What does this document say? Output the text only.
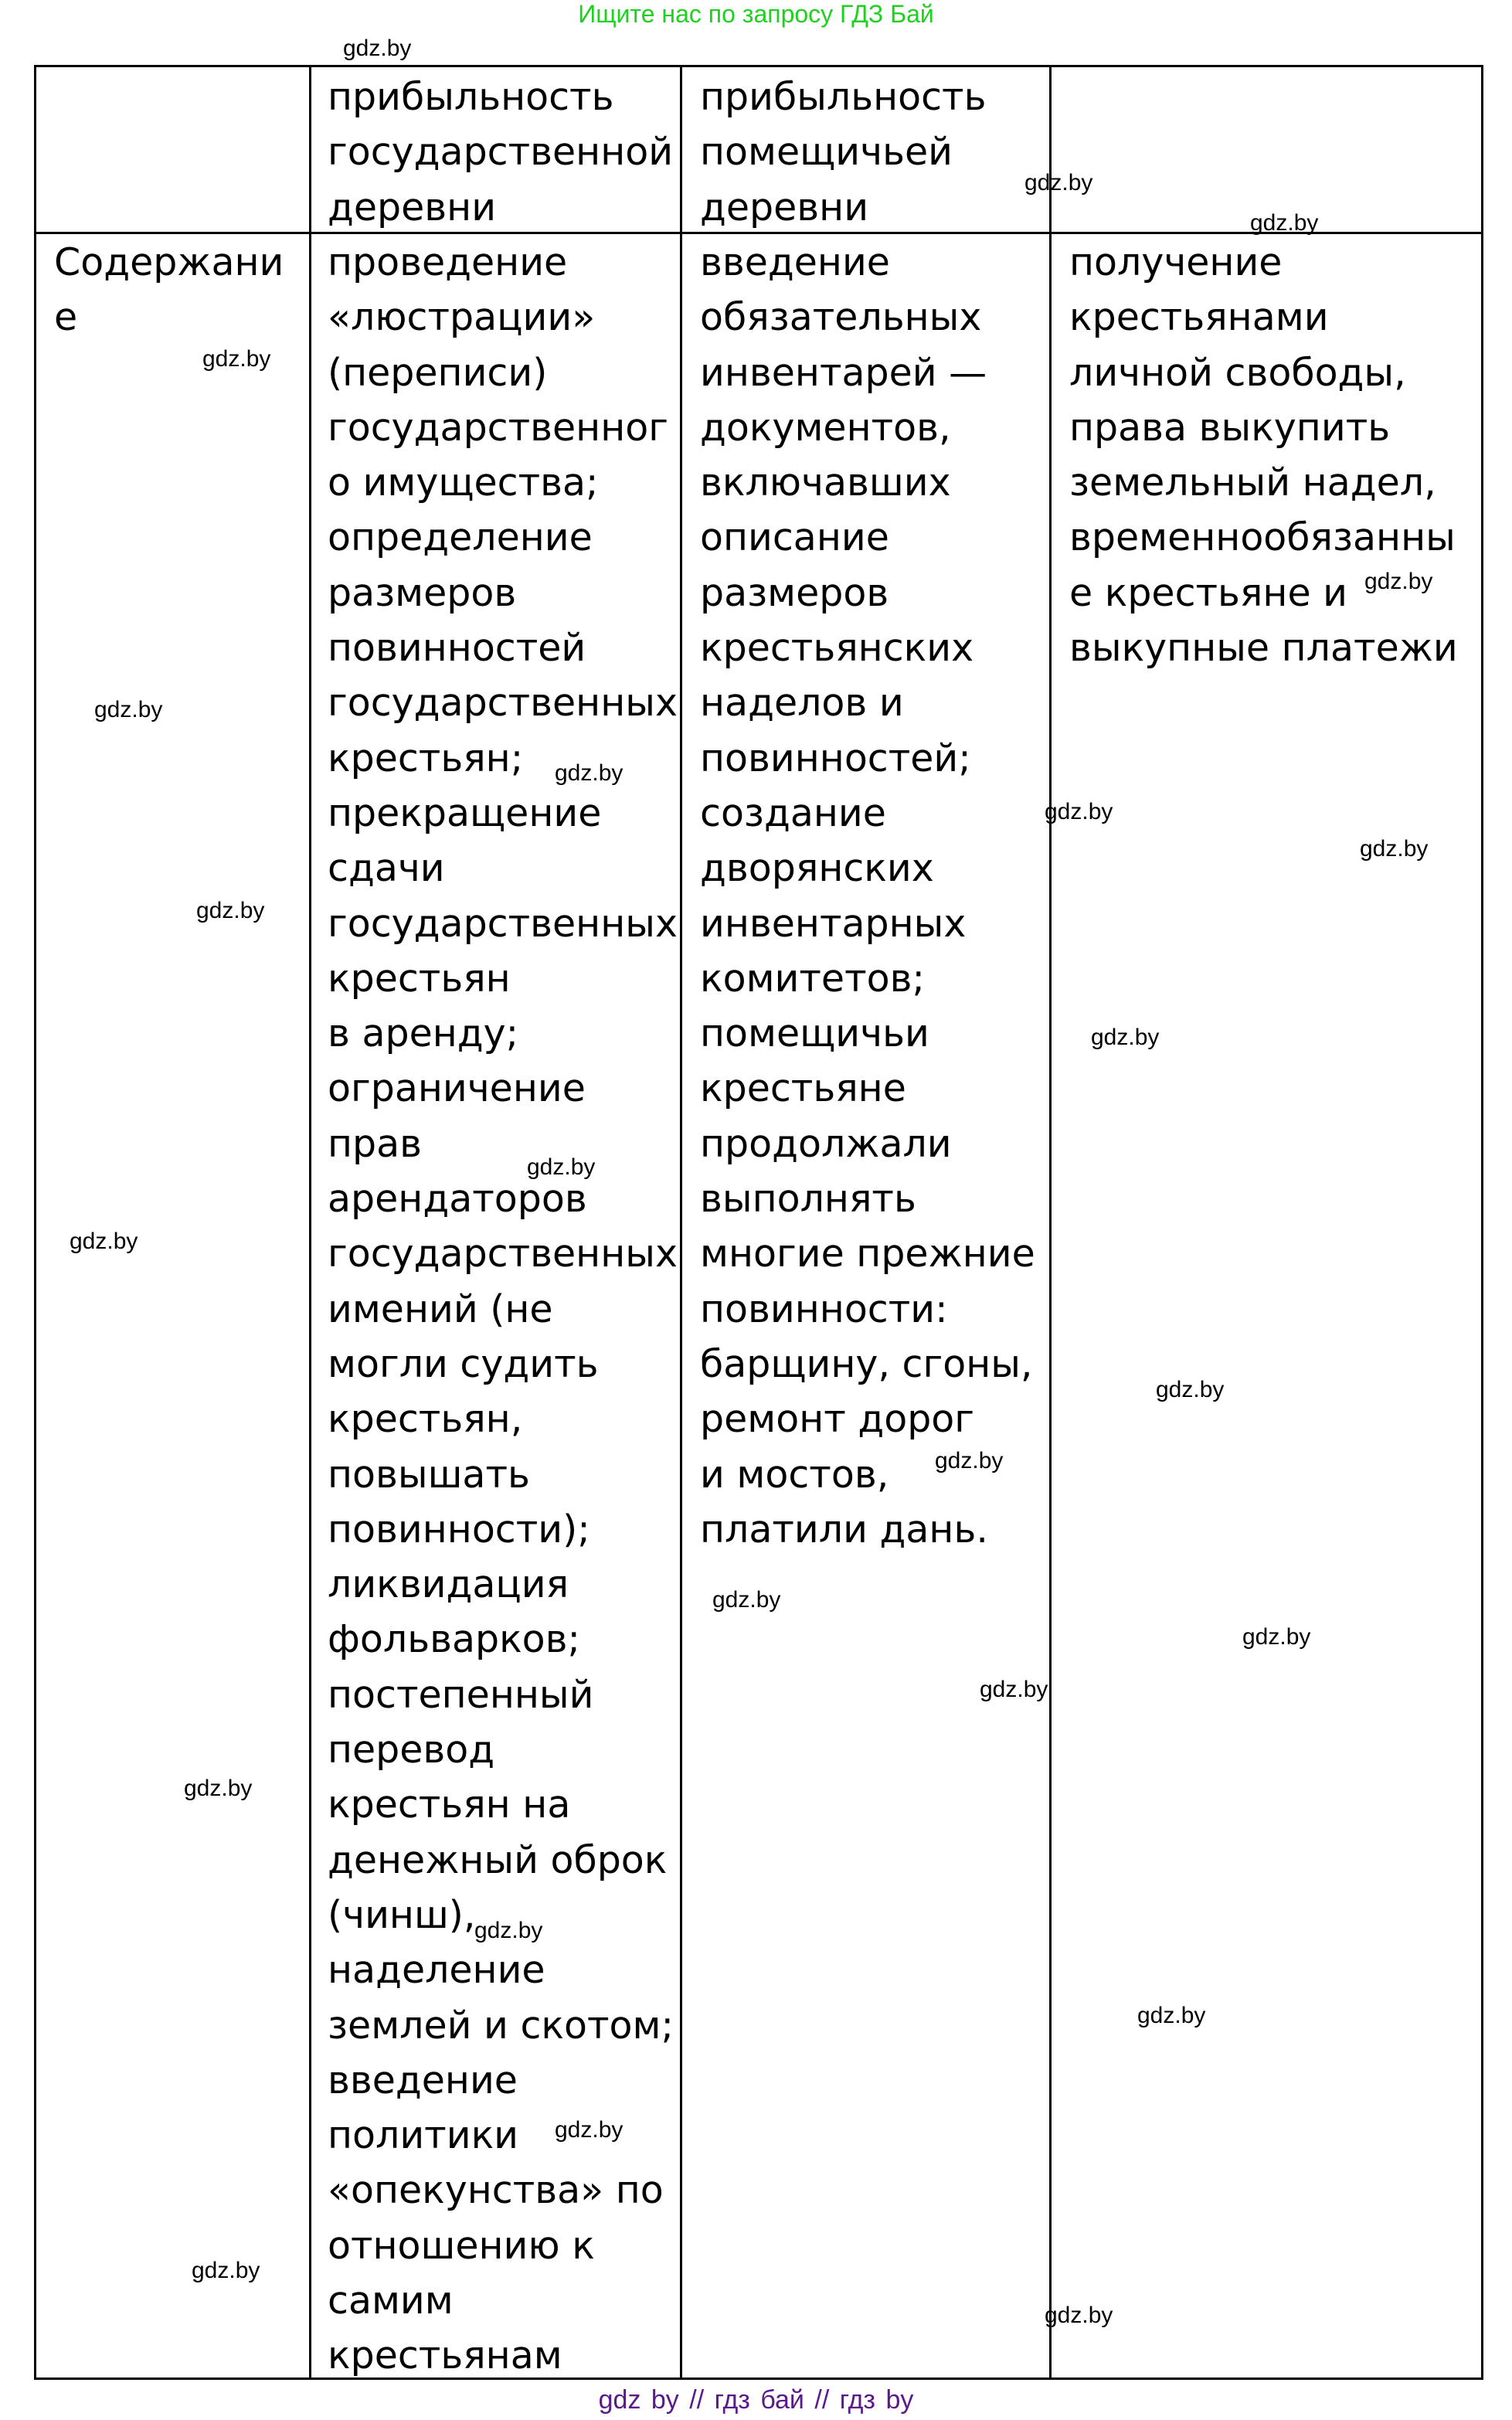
Ищите нас по запросу ГДЗ Бай
прибыльность
государственной
деревни
прибыльность
помещичьей
деревни
Содержани
е
проведение
«люстрации»
(переписи)
государственног
о имущества;
определение
размеров
повинностей
государственных
крестьян;
прекращение
сдачи
государственных
крестьян
в аренду;
ограничение
прав
арендаторов
государственных
имений (не
могли судить
крестьян,
повышать
повинности);
ликвидация
фольварков;
постепенный
перевод
крестьян на
денежный оброк
(чинш),
наделение
землей и скотом;
введение
политики
«опекунства» по
отношению к
самим
крестьянам
введение
обязательных
инвентарей —
документов,
включавших
описание
размеров
крестьянских
наделов и
повинностей;
создание
дворянских
инвентарных
комитетов;
помещичьи
крестьяне
продолжали
выполнять
многие прежние
повинности:
барщину, сгоны,
ремонт дорог
и мостов,
платили дань.
получение
крестьянами
личной свободы,
права выкупить
земельный надел,
временнообязанны
е крестьяне и
выкупные платежи
gdz.by
gdz.by
gdz.by
gdz.by
gdz.by
gdz.by
gdz.by
gdz.by
gdz.by
gdz.by
gdz.by
gdz.by
gdz.by
gdz.by
gdz.by
gdz.by
gdz.by
gdz.by
gdz.by
gdz.by
gdz.by
gdz.by
gdz.by
gdz.by
gdz by // гдз бай // гдз by
